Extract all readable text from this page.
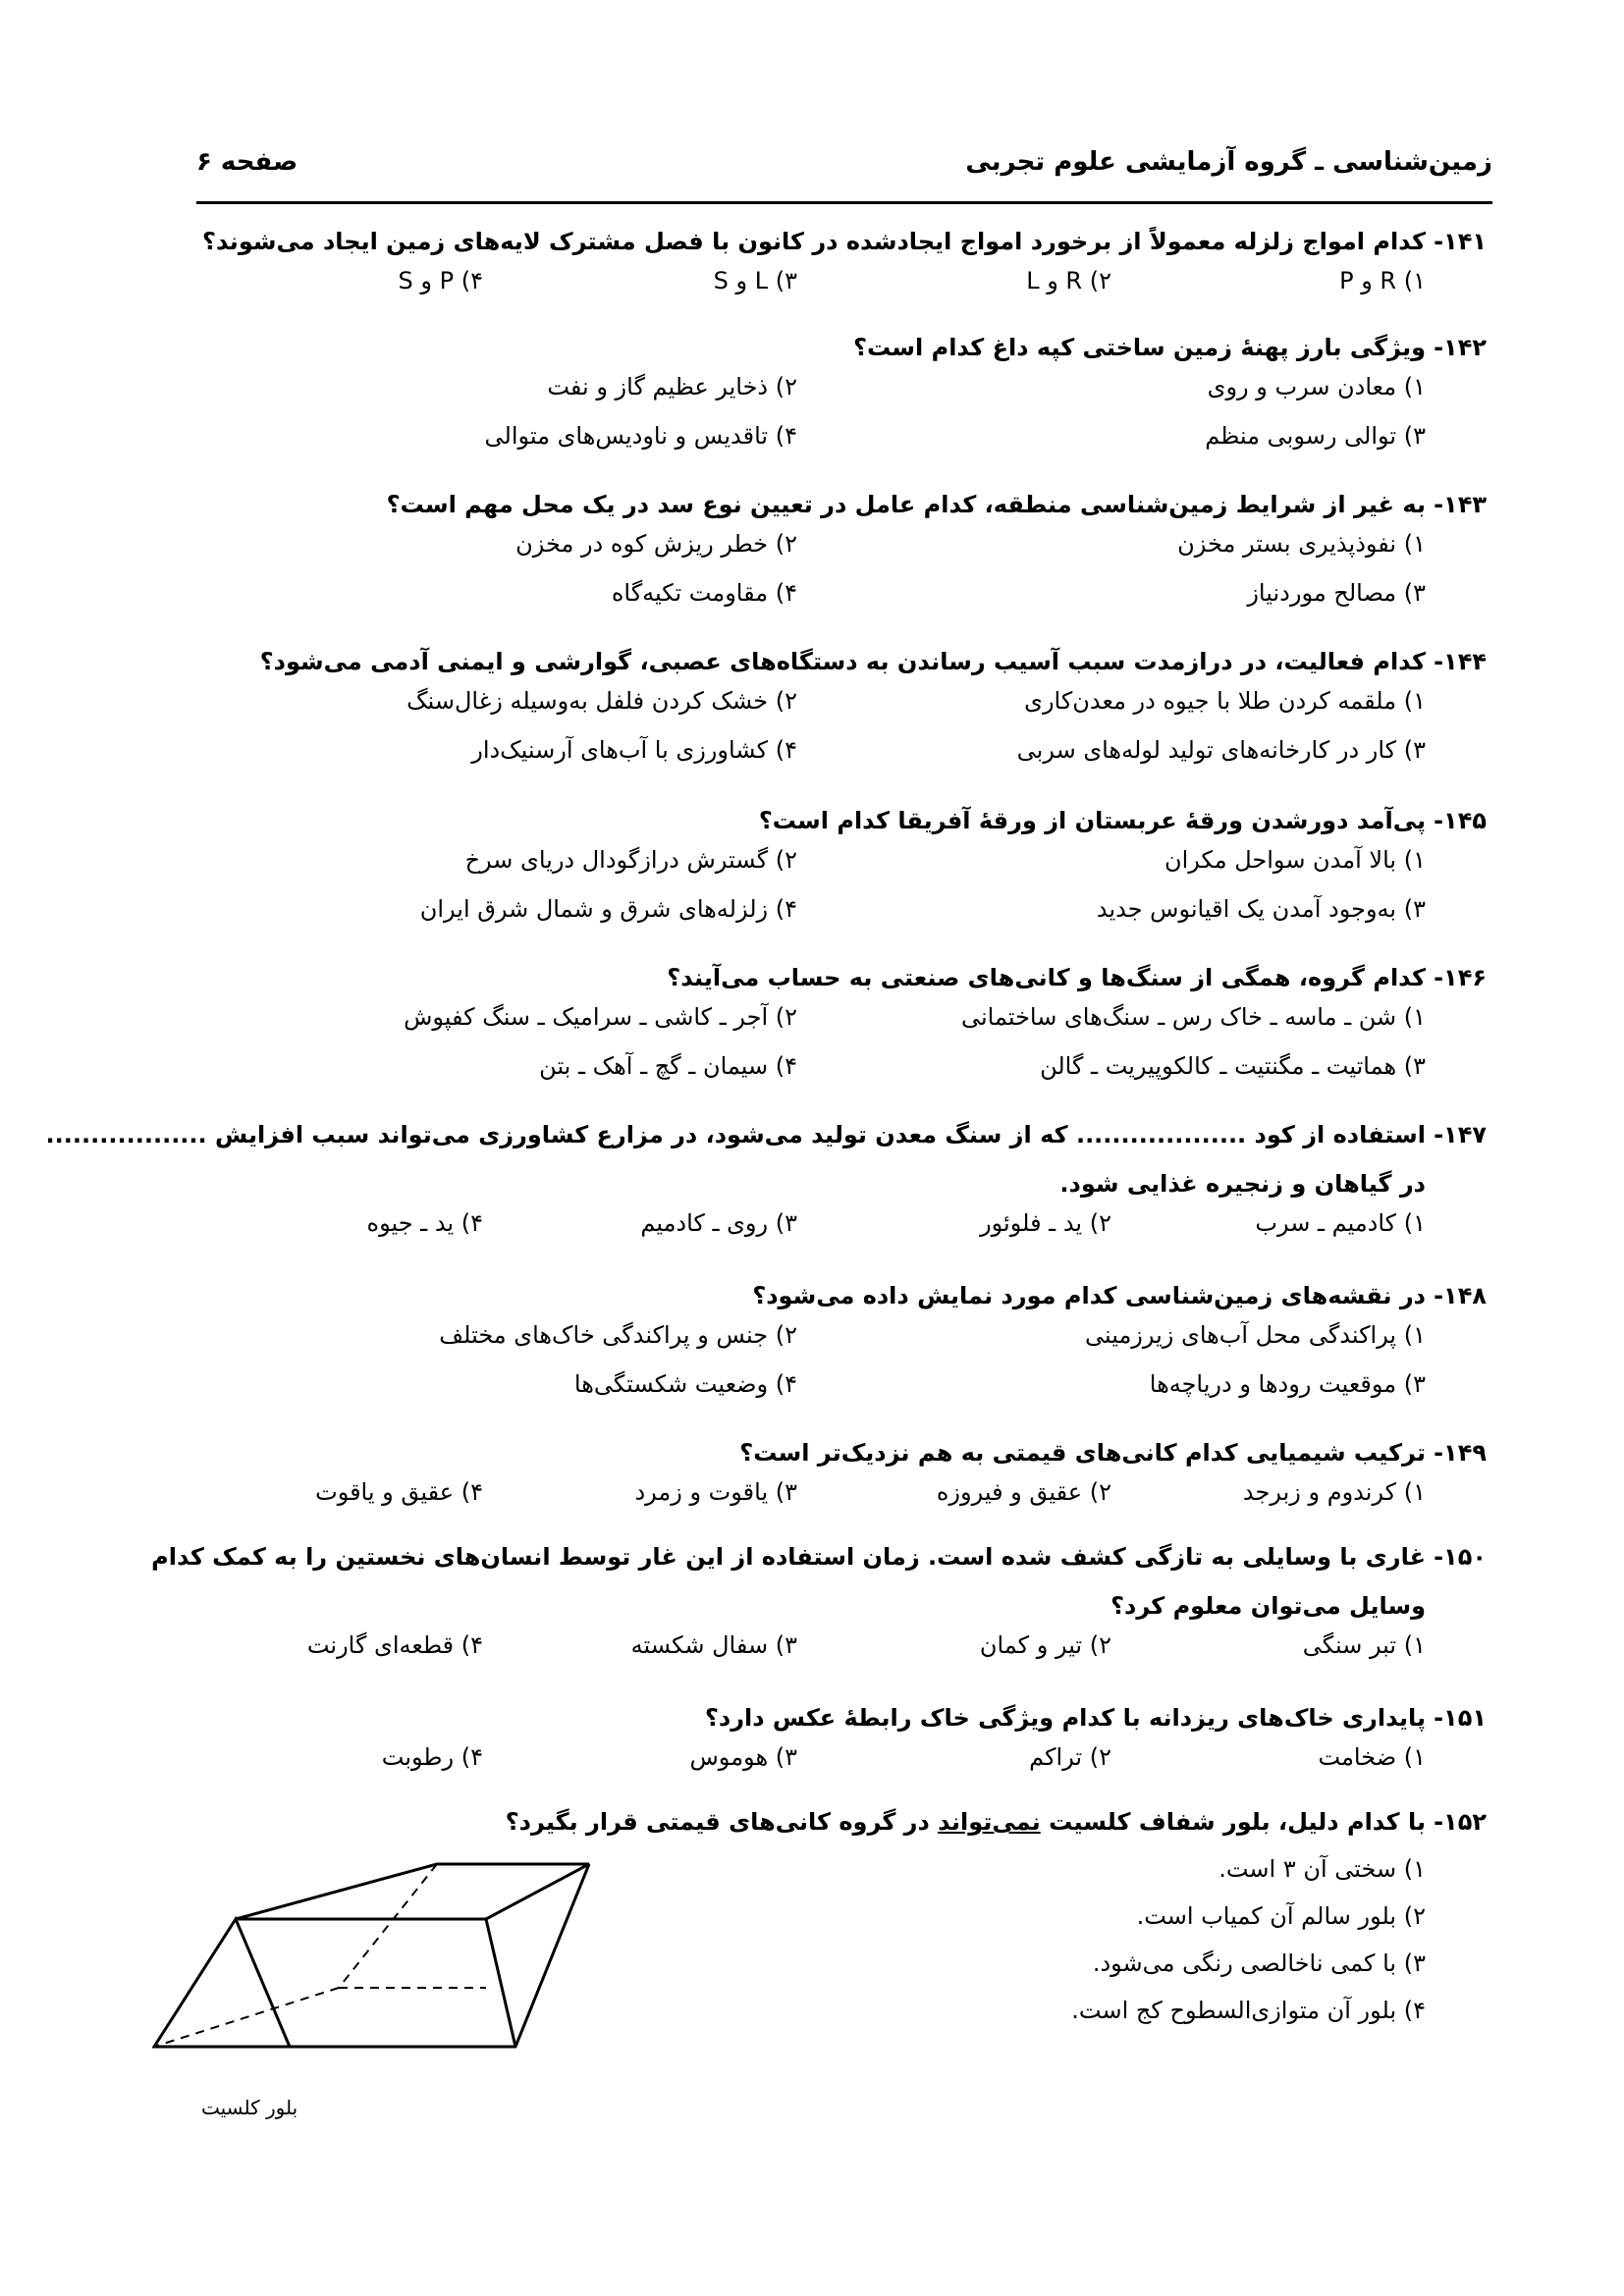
زمین‌شناسی ـ گروه آزمایشی علوم تجربی
صفحه ۶
۱۴۱-
کدام امواج زلزله معمولاً از برخورد امواج ایجادشده در کانون با فصل مشترک لایه‌های زمین ایجاد می‌شوند؟
۱) R و P
۲) R و L
۳) L و S
۴) P و S
۱۴۲-
ویژگی بارز پهنهٔ زمین ساختی کپه داغ کدام است؟
۱) معادن سرب و روی
۲) ذخایر عظیم گاز و نفت
۳) توالی رسوبی منظم
۴) تاقدیس و ناودیس‌های متوالی
۱۴۳-
به غیر از شرایط زمین‌شناسی منطقه، کدام عامل در تعیین نوع سد در یک محل مهم است؟
۱) نفوذپذیری بستر مخزن
۲) خطر ریزش کوه در مخزن
۳) مصالح موردنیاز
۴) مقاومت تکیه‌گاه
۱۴۴-
کدام فعالیت، در درازمدت سبب آسیب رساندن به دستگاه‌های عصبی، گوارشی و ایمنی آدمی می‌شود؟
۱) ملقمه کردن طلا با جیوه در معدن‌کاری
۲) خشک کردن فلفل به‌وسیله زغال‌سنگ
۳) کار در کارخانه‌های تولید لوله‌های سربی
۴) کشاورزی با آب‌های آرسنیک‌دار
۱۴۵-
پی‌آمد دورشدن ورقهٔ عربستان از ورقهٔ آفریقا کدام است؟
۱) بالا آمدن سواحل مکران
۲) گسترش درازگودال دریای سرخ
۳) به‌وجود آمدن یک اقیانوس جدید
۴) زلزله‌های شرق و شمال شرق ایران
۱۴۶-
کدام گروه، همگی از سنگ‌ها و کانی‌های صنعتی به حساب می‌آیند؟
۱) شن ـ ماسه ـ خاک رس ـ سنگ‌های ساختمانی
۲) آجر ـ کاشی ـ سرامیک ـ سنگ کفپوش
۳) هماتیت ـ مگنتیت ـ کالکوپیریت ـ گالن
۴) سیمان ـ گچ ـ آهک ـ بتن
۱۴۷-
استفاده از کود ................... که از سنگ معدن تولید می‌شود، در مزارع کشاورزی می‌تواند سبب افزایش ..................
در گیاهان و زنجیره غذایی شود.
۱) کادمیم ـ سرب
۲) ید ـ فلوئور
۳) روی ـ کادمیم
۴) ید ـ جیوه
۱۴۸-
در نقشه‌های زمین‌شناسی کدام مورد نمایش داده می‌شود؟
۱) پراکندگی محل آب‌های زیرزمینی
۲) جنس و پراکندگی خاک‌های مختلف
۳) موقعیت رودها و دریاچه‌ها
۴) وضعیت شکستگی‌ها
۱۴۹-
ترکیب شیمیایی کدام کانی‌های قیمتی به هم نزدیک‌تر است؟
۱) کرندوم و زبرجد
۲) عقیق و فیروزه
۳) یاقوت و زمرد
۴) عقیق و یاقوت
۱۵۰-
غاری با وسایلی به تازگی کشف شده است. زمان استفاده از این غار توسط انسان‌های نخستین را به کمک کدام
وسایل می‌توان معلوم کرد؟
۱) تبر سنگی
۲) تیر و کمان
۳) سفال شکسته
۴) قطعه‌ای گارنت
۱۵۱-
پایداری خاک‌های ریزدانه با کدام ویژگی خاک رابطهٔ عکس دارد؟
۱) ضخامت
۲) تراکم
۳) هوموس
۴) رطوبت
۱۵۲-
با کدام دلیل، بلور شفاف کلسیت نمی‌تواند در گروه کانی‌های قیمتی قرار بگیرد؟
۱) سختی آن ۳ است.
۲) بلور سالم آن کمیاب است.
۳) با کمی ناخالصی رنگی می‌شود.
۴) بلور آن متوازی‌السطوح کج است.
بلور کلسیت
